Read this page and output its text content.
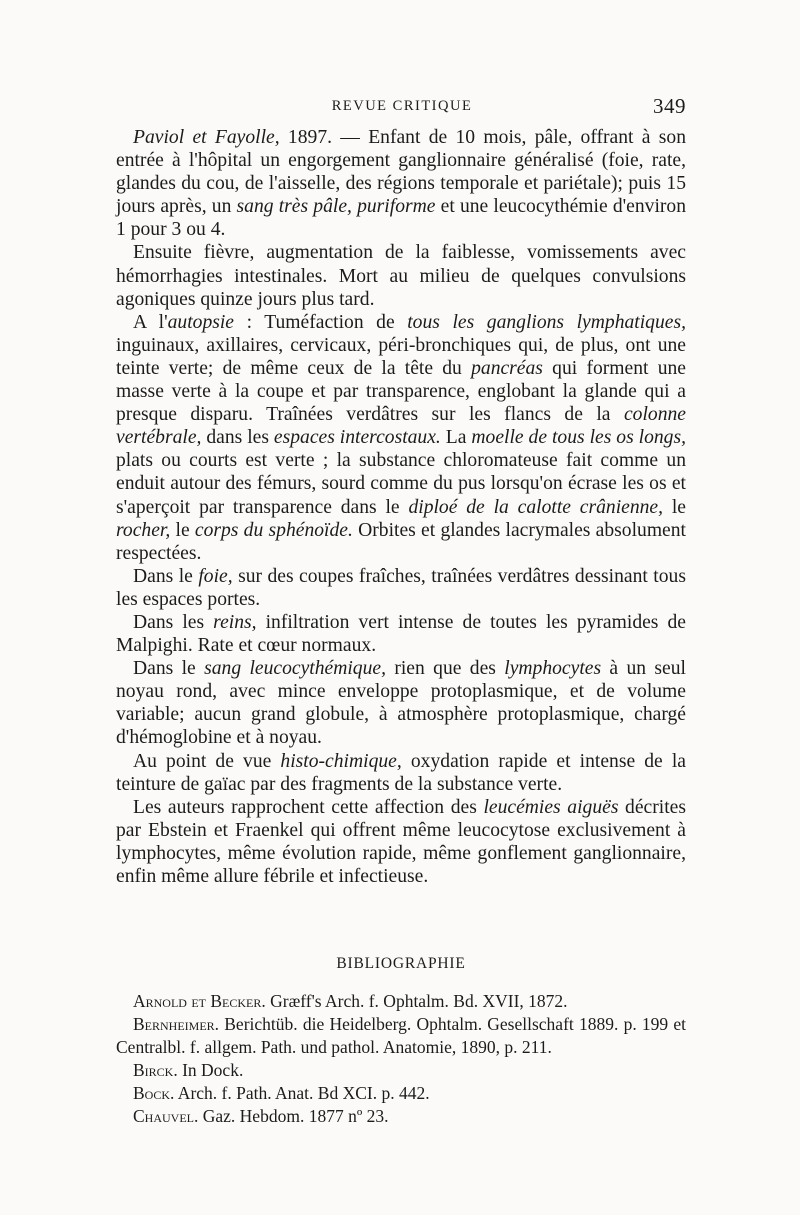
REVUE CRITIQUE	349

Paviol et Fayolle, 1897. — Enfant de 10 mois, pâle, offrant à son entrée à l'hôpital un engorgement ganglionnaire généralisé (foie, rate, glandes du cou, de l'aisselle, des régions temporale et pariétale); puis 15 jours après, un sang très pâle, puriforme et une leucocythémie d'environ 1 pour 3 ou 4.

Ensuite fièvre, augmentation de la faiblesse, vomissements avec hémorrhagies intestinales. Mort au milieu de quelques convulsions agoniques quinze jours plus tard.

A l'autopsie : Tuméfaction de tous les ganglions lymphatiques, inguinaux, axillaires, cervicaux, péri-bronchiques qui, de plus, ont une teinte verte; de même ceux de la tête du pancréas qui forment une masse verte à la coupe et par transparence, englobant la glande qui a presque disparu. Traînées verdâtres sur les flancs de la colonne vertébrale, dans les espaces intercostaux. La moelle de tous les os longs, plats ou courts est verte ; la substance chloromateuse fait comme un enduit autour des fémurs, sourd comme du pus lorsqu'on écrase les os et s'aperçoit par transparence dans le diploé de la calotte crânienne, le rocher, le corps du sphénoïde. Orbites et glandes lacrymales absolument respectées.

Dans le foie, sur des coupes fraîches, traînées verdâtres dessinant tous les espaces portes.

Dans les reins, infiltration vert intense de toutes les pyramides de Malpighi. Rate et cœur normaux.

Dans le sang leucocythémique, rien que des lymphocytes à un seul noyau rond, avec mince enveloppe protoplasmique, et de volume variable; aucun grand globule, à atmosphère protoplasmique, chargé d'hémoglobine et à noyau.

Au point de vue histo-chimique, oxydation rapide et intense de la teinture de gaïac par des fragments de la substance verte.

Les auteurs rapprochent cette affection des leucémies aiguës décrites par Ebstein et Fraenkel qui offrent même leucocytose exclusivement à lymphocytes, même évolution rapide, même gonflement ganglionnaire, enfin même allure fébrile et infectieuse.

BIBLIOGRAPHIE
Arnold et Becker. Græff's Arch. f. Ophtalm. Bd. XVII, 1872.
Bernheimer. Berichtüb. die Heidelberg. Ophtalm. Gesellschaft 1889. p. 199 et Centralbl. f. allgem. Path. und pathol. Anatomie, 1890, p. 211.
Birck. In Dock.
Bock. Arch. f. Path. Anat. Bd XCI. p. 442.
Chauvel. Gaz. Hebdom. 1877 nº 23.
